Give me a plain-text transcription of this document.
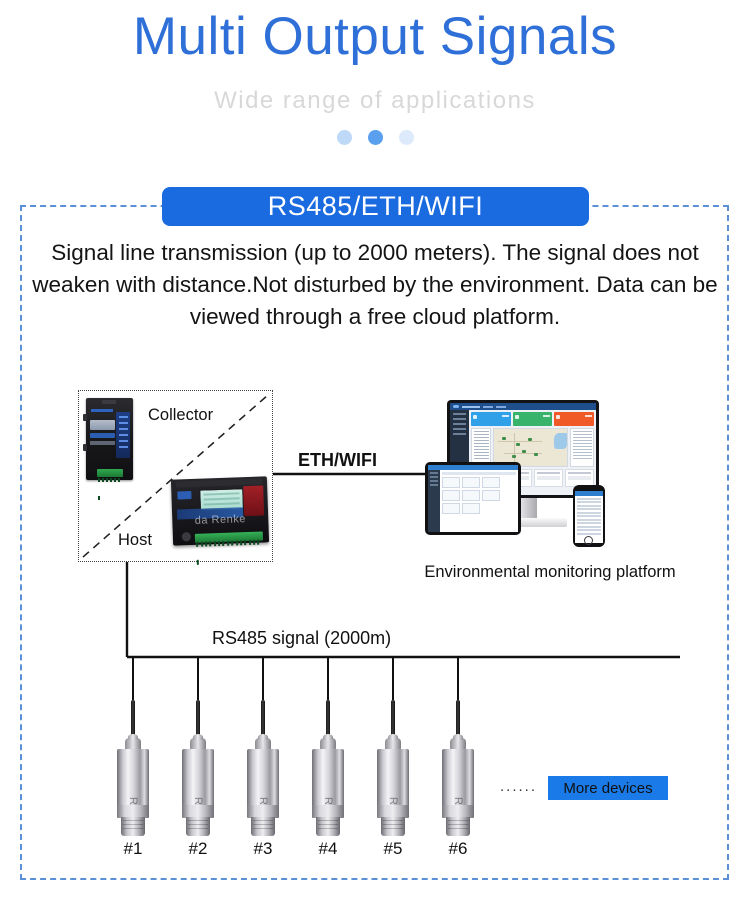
Multi Output Signals
Wide range of applications
RS485/ETH/WIFI
Signal line transmission (up to 2000 meters). The signal does not weaken with distance.Not disturbed by the environment. Data can be viewed through a free cloud platform.
Collector
Host
da Renke
ETH/WIFI
RS485 signal (2000m)
Environmental monitoring platform
#1	#2	#3	#4	#5	#6
......	More devices
